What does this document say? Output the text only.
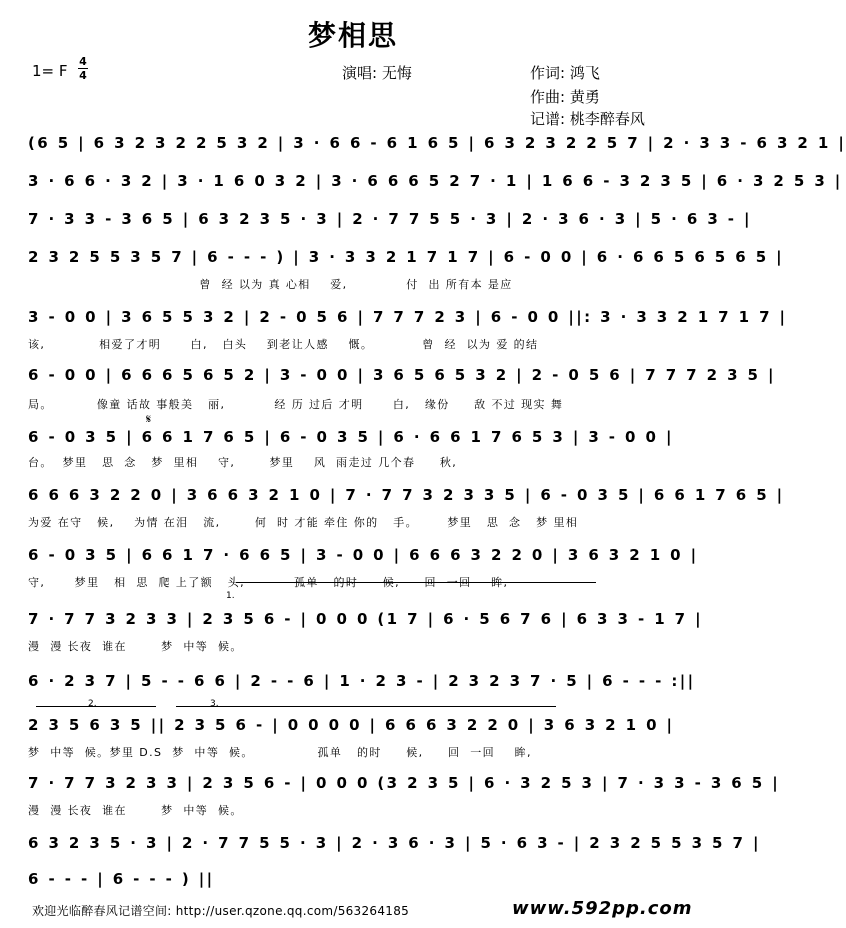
梦相思
1= F
4
4	演唱: 无悔	作词: 鸿飞
作曲: 黄勇
记谱: 桃李醉春风
(6 5 | 6 3 2 3 2 2 5 3 2 | 3 · 6 6 - 6 1 6 5 | 6 3 2 3 2 2 5 7 | 2 · 3 3 - 6 3 2 1 |
3 · 6 6 · 3 2 | 3 · 1 6 0 3 2 | 3 · 6 6 6 5 2 7 · 1 | 1 6 6 - 3 2 3 5 | 6 · 3 2 5 3 |
7 · 3 3 - 3 6 5 | 6 3 2 3 5 · 3 | 2 · 7 7 5 5 · 3 | 2 · 3 6 · 3 | 5 · 6 3 - |
2 3 2 5 5 3 5 7 | 6 - - - ) | 3 · 3 3 2 1 7 1 7 | 6 - 0 0 | 6 · 6 6 5 6 5 6 5 |
曾  经 以为 真 心相    爱,            付  出 所有本 是应
3 - 0 0 | 3 6 5 5 3 2 | 2 - 0 5 6 | 7 7 7 2 3 | 6 - 0 0 ||: 3 · 3 3 2 1 7 1 7 |
该,           相爱了才明      白,   白头    到老让人感    慨。          曾  经  以为 爱 的结
6 - 0 0 | 6 6 6 5 6 5 2 | 3 - 0 0 | 3 6 5 6 5 3 2 | 2 - 0 5 6 | 7 7 7 2 3 5 |
局。         像童 话故 事般美   丽,          经 历 过后 才明      白,   缘份     敌 不过 现实 舞
𝄋
6 - 0 3 5 | 6 6 1 7 6 5 | 6 - 0 3 5 | 6 · 6 6 1 7 6 5 3 | 3 - 0 0 |
台。  梦里   思  念   梦  里相    守,       梦里    风  雨走过 几个春     秋,
6 6 6 3 2 2 0 | 3 6 6 3 2 1 0 | 7 · 7 7 3 2 3 3 5 | 6 - 0 3 5 | 6 6 1 7 6 5 |
为爱 在守   候,    为情 在泪   流,       何  时 才能 牵住 你的   手。      梦里   思  念   梦 里相
6 - 0 3 5 | 6 6 1 7 · 6 6 5 | 3 - 0 0 | 6 6 6 3 2 2 0 | 3 6 3 2 1 0 |
守,      梦里   相  思  爬 上了额   头,          孤单   的时     候,     回  一回    眸,
1.
7 · 7 7 3 2 3 3 | 2 3 5 6 - | 0 0 0 (1 7 | 6 · 5 6 7 6 | 6 3 3 - 1 7 |
漫  漫 长夜  谁在       梦  中等  候。
6 · 2 3 7 | 5 - - 6 6 | 2 - - 6 | 1 · 2 3 - | 2 3 2 3 7 · 5 | 6 - - - :||
2.	3.
2 3 5 6 3 5 || 2 3 5 6 - | 0 0 0 0 | 6 6 6 3 2 2 0 | 3 6 3 2 1 0 |
梦  中等  候。梦里 D.S  梦  中等  候。             孤单   的时     候,     回  一回    眸,
7 · 7 7 3 2 3 3 | 2 3 5 6 - | 0 0 0 (3 2 3 5 | 6 · 3 2 5 3 | 7 · 3 3 - 3 6 5 |
漫  漫 长夜  谁在       梦  中等  候。
6 3 2 3 5 · 3 | 2 · 7 7 5 5 · 3 | 2 · 3 6 · 3 | 5 · 6 3 - | 2 3 2 5 5 3 5 7 |
6 - - - | 6 - - - ) ||
欢迎光临醉春风记谱空间: http://user.qzone.qq.com/563264185	www.592pp.com
